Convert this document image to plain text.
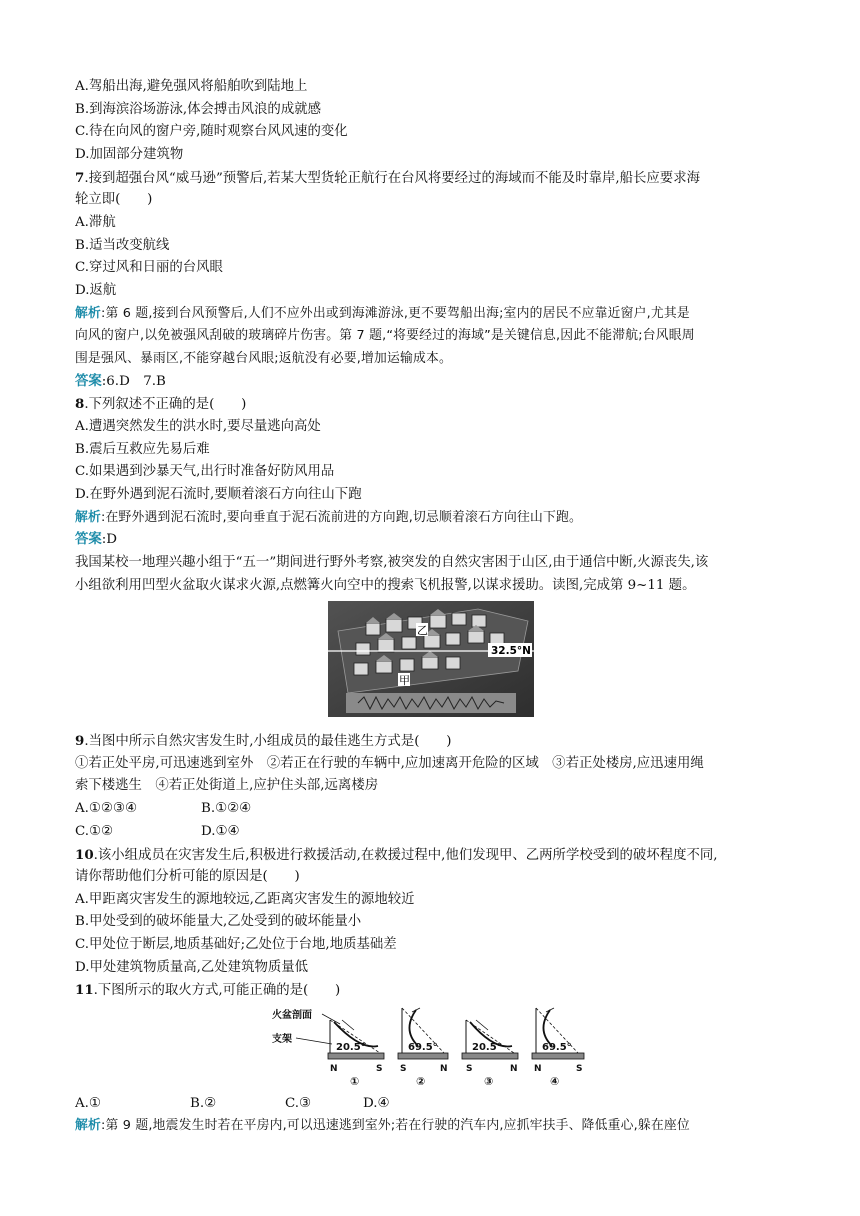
A.驾船出海,避免强风将船舶吹到陆地上
B.到海滨浴场游泳,体会搏击风浪的成就感
C.待在向风的窗户旁,随时观察台风风速的变化
D.加固部分建筑物
7.接到超强台风“威马逊”预警后,若某大型货轮正航行在台风将要经过的海域而不能及时靠岸,船长应要求海
轮立即(　　)
A.滞航
B.适当改变航线
C.穿过风和日丽的台风眼
D.返航
解析:第 6 题,接到台风预警后,人们不应外出或到海滩游泳,更不要驾船出海;室内的居民不应靠近窗户,尤其是
向风的窗户,以免被强风刮破的玻璃碎片伤害。第 7 题,“将要经过的海域”是关键信息,因此不能滞航;台风眼周
围是强风、暴雨区,不能穿越台风眼;返航没有必要,增加运输成本。
答案:6.D　7.B
8.下列叙述不正确的是(　　)
A.遭遇突然发生的洪水时,要尽量逃向高处
B.震后互救应先易后难
C.如果遇到沙暴天气,出行时准备好防风用品
D.在野外遇到泥石流时,要顺着滚石方向往山下跑
解析:在野外遇到泥石流时,要向垂直于泥石流前进的方向跑,切忌顺着滚石方向往山下跑。
答案:D
我国某校一地理兴趣小组于“五一”期间进行野外考察,被突发的自然灾害困于山区,由于通信中断,火源丧失,该
小组欲利用凹型火盆取火谋求火源,点燃篝火向空中的搜索飞机报警,以谋求援助。读图,完成第 9~11 题。
32.5°N
乙
甲
9.当图中所示自然灾害发生时,小组成员的最佳逃生方式是(　　)
①若正处平房,可迅速逃到室外　②若正在行驶的车辆中,应加速离开危险的区域　③若正处楼房,应迅速用绳
索下楼逃生　④若正处街道上,应护住头部,远离楼房
A.①②③④	B.①②④
C.①②	D.①④
10.该小组成员在灾害发生后,积极进行救援活动,在救援过程中,他们发现甲、乙两所学校受到的破坏程度不同,
请你帮助他们分析可能的原因是(　　)
A.甲距离灾害发生的源地较远,乙距离灾害发生的源地较近
B.甲处受到的破坏能量大,乙处受到的破坏能量小
C.甲处位于断层,地质基础好;乙处位于台地,地质基础差
D.甲处建筑物质量高,乙处建筑物质量低
11.下图所示的取火方式,可能正确的是(　　)
火盆剖面
支架
20.5°
N	S
①
69.5°
S	N
②
20.5°
S	N
③
69.5°
N	S
④
A.①	B.②	C.③	D.④
解析:第 9 题,地震发生时若在平房内,可以迅速逃到室外;若在行驶的汽车内,应抓牢扶手、降低重心,躲在座位
